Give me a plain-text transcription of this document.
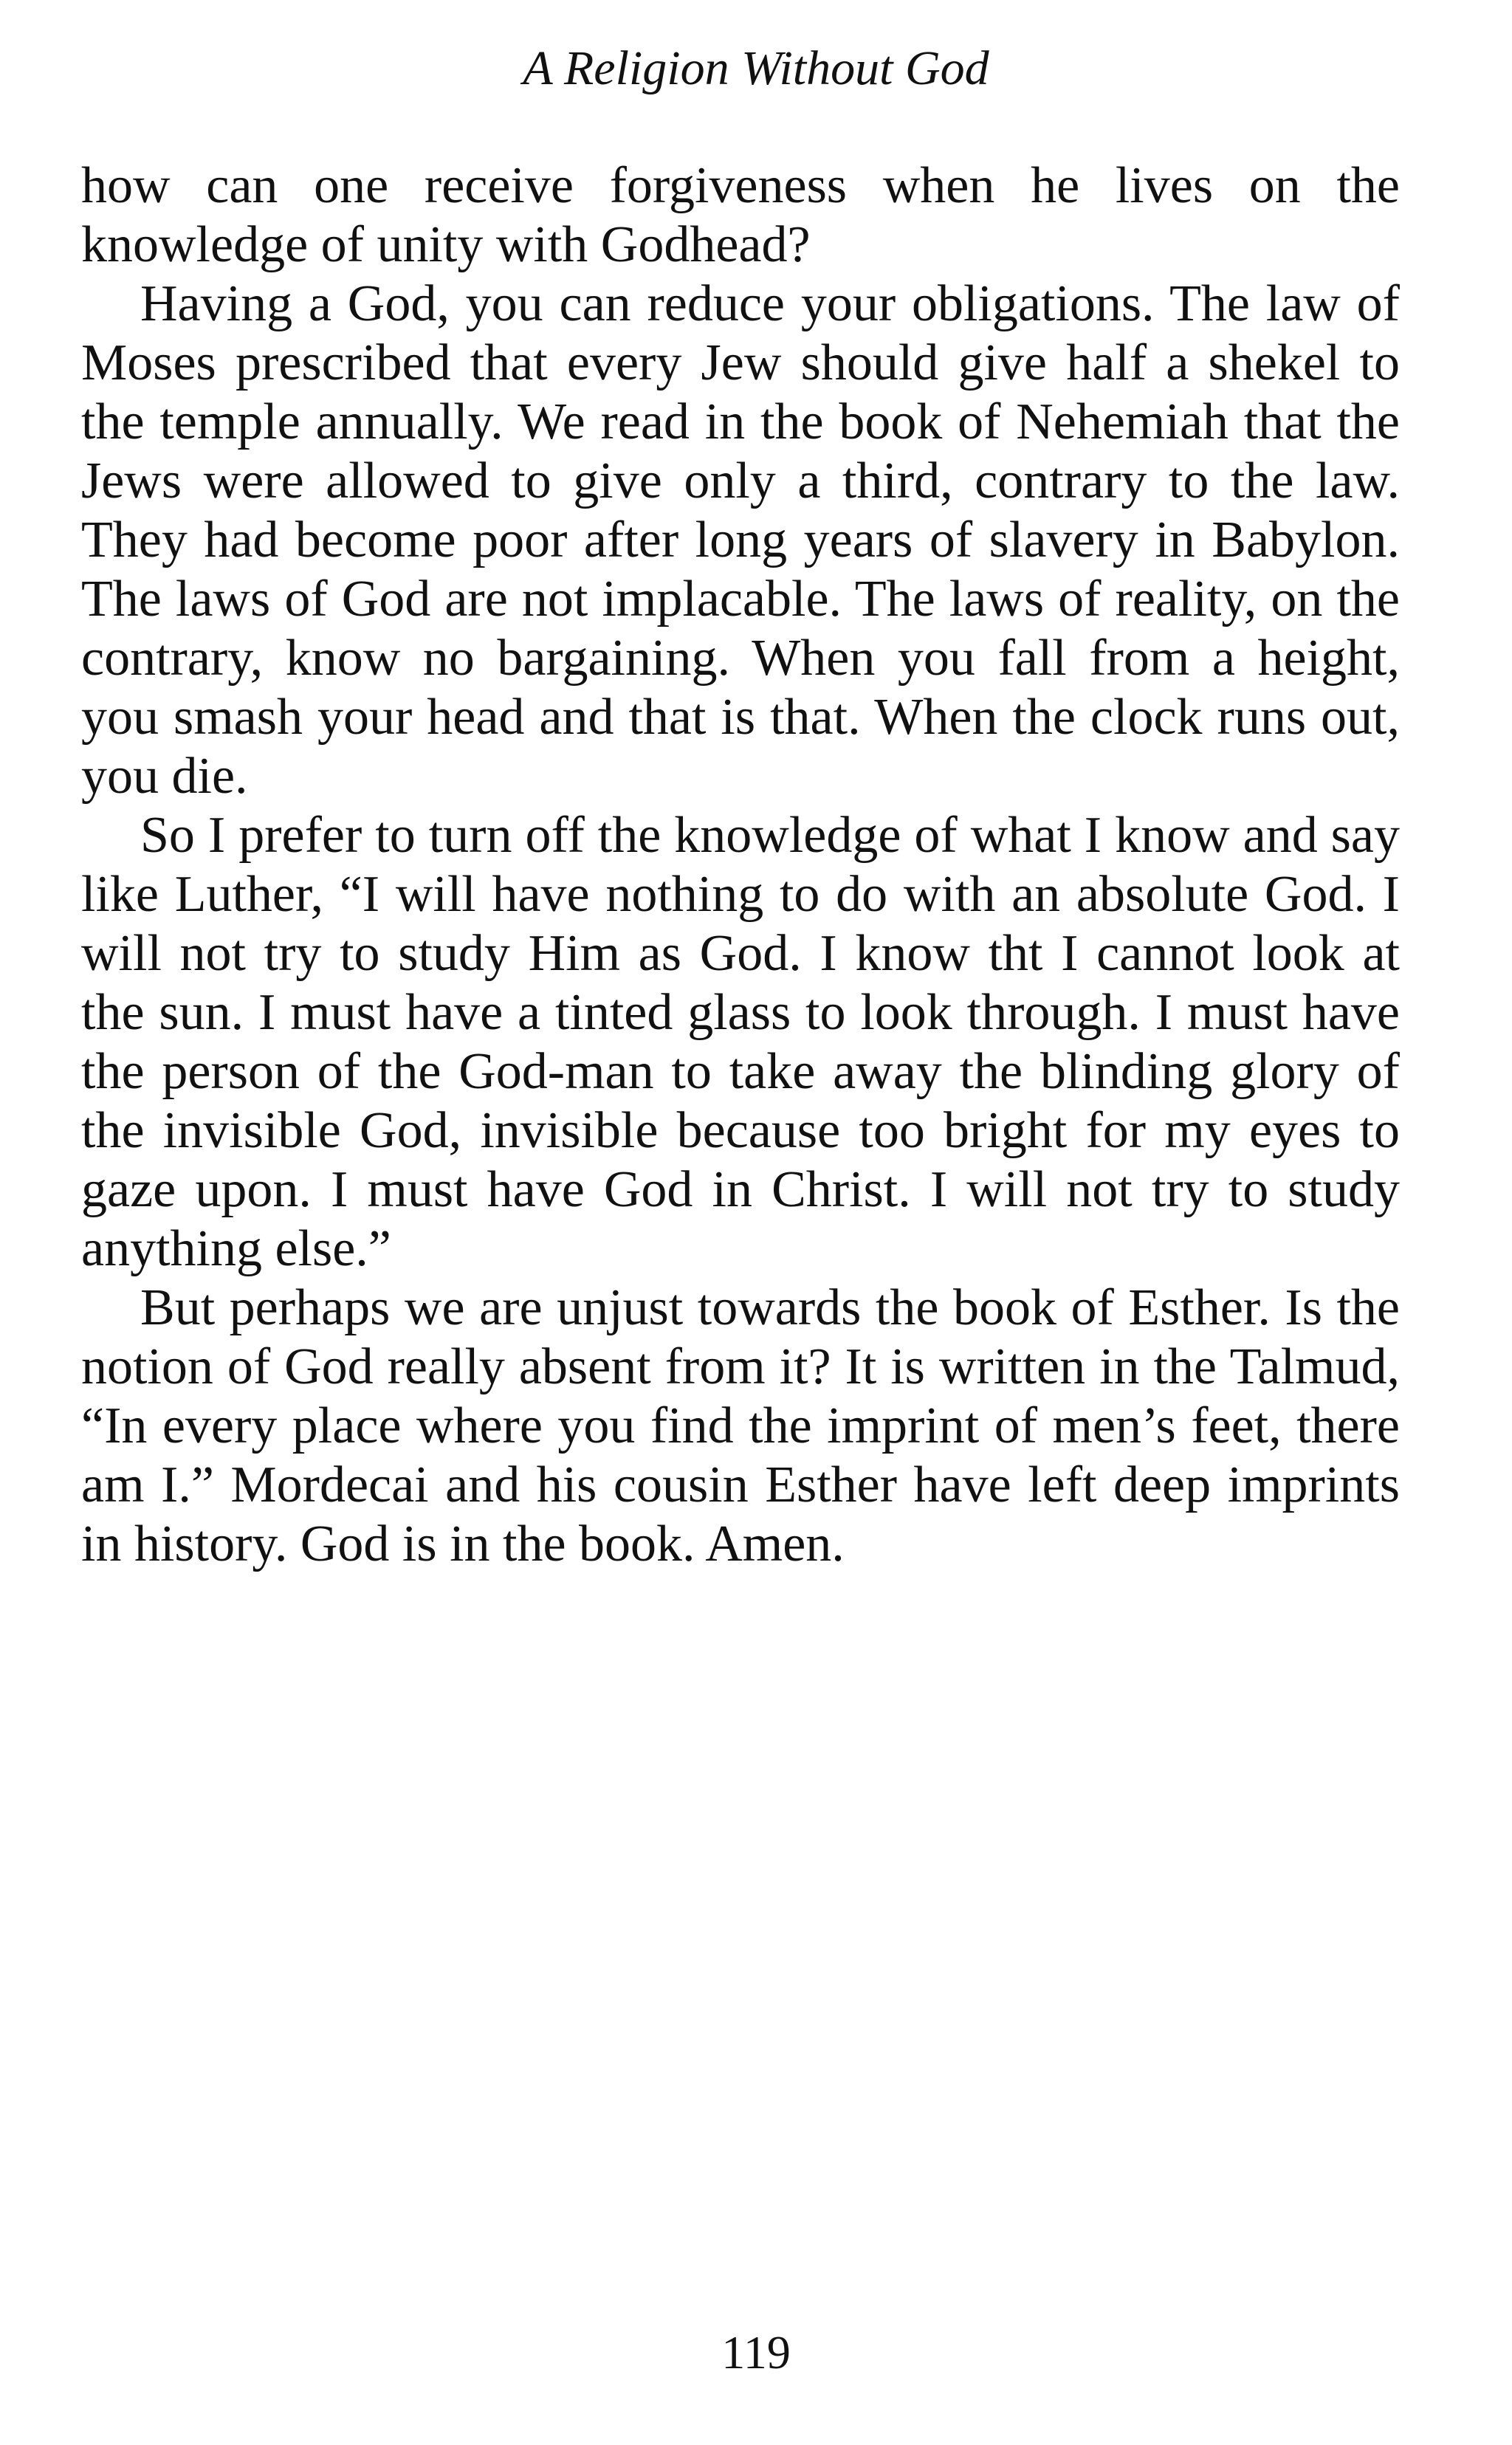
A Religion Without God

how can one receive forgiveness when he lives on the knowledge of unity with Godhead?

Having a God, you can reduce your obligations. The law of Moses prescribed that every Jew should give half a shekel to the temple annually. We read in the book of Nehemiah that the Jews were allowed to give only a third, contrary to the law. They had become poor after long years of slavery in Babylon. The laws of God are not implacable. The laws of reality, on the contrary, know no bargaining. When you fall from a height, you smash your head and that is that. When the clock runs out, you die.

So I prefer to turn off the knowledge of what I know and say like Luther, “I will have nothing to do with an absolute God. I will not try to study Him as God. I know tht I cannot look at the sun. I must have a tinted glass to look through. I must have the person of the God-man to take away the blinding glory of the invisible God, invisible because too bright for my eyes to gaze upon. I must have God in Christ. I will not try to study anything else.”

But perhaps we are unjust towards the book of Esther. Is the notion of God really absent from it? It is written in the Talmud, “In every place where you find the imprint of men’s feet, there am I.” Mordecai and his cousin Esther have left deep imprints in history. God is in the book. Amen.

119
